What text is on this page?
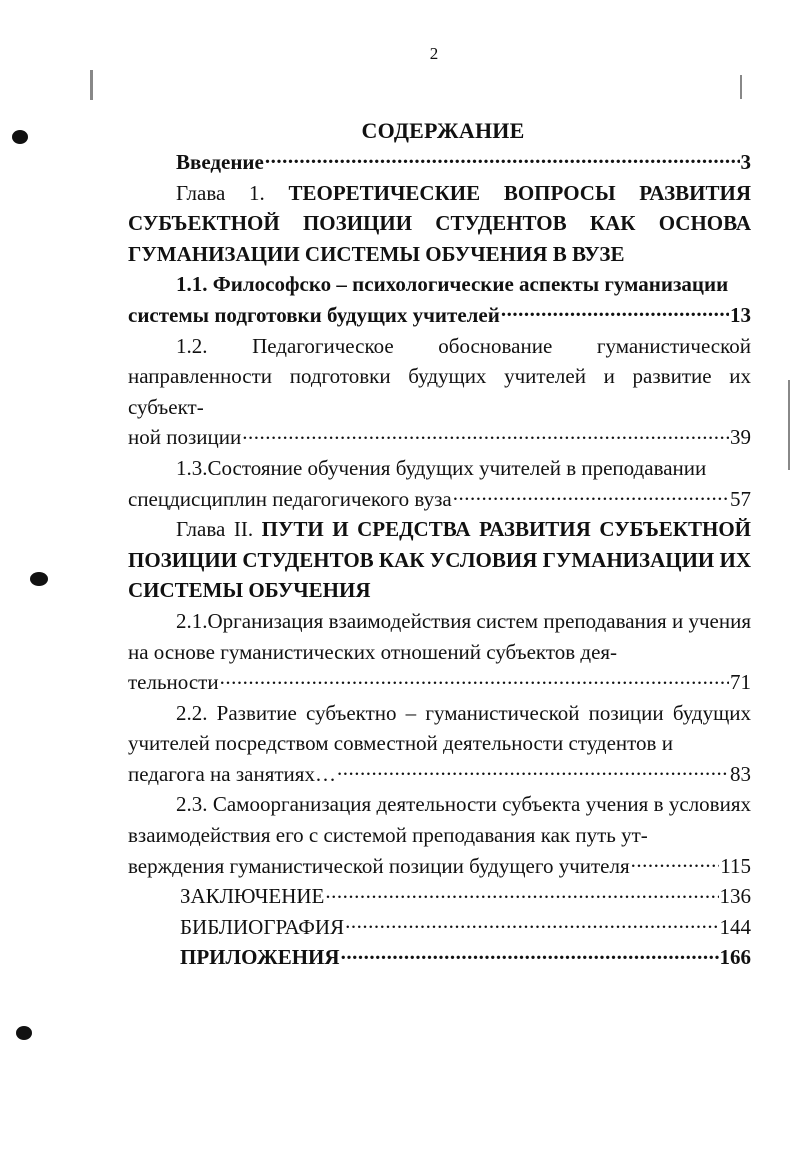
2
СОДЕРЖАНИЕ
Введение .....	3
Глава 1. ТЕОРЕТИЧЕСКИЕ ВОПРОСЫ РАЗВИТИЯ СУБЪЕКТНОЙ ПОЗИЦИИ СТУДЕНТОВ КАК ОСНОВА ГУМАНИЗАЦИИ СИСТЕМЫ ОБУЧЕНИЯ В ВУЗЕ
1.1. Философско – психологические аспекты гуманизации
системы подготовки будущих учителей .....	13
1.2. Педагогическое обоснование гуманистической направленности подготовки будущих учителей и развитие их субъект-
ной позиции .....	39
1.3.Состояние обучения будущих учителей в преподавании
спецдисциплин педагогичекого вуза .....	57
Глава II. ПУТИ И СРЕДСТВА РАЗВИТИЯ СУБЪЕКТНОЙ ПОЗИЦИИ СТУДЕНТОВ КАК УСЛОВИЯ ГУМАНИЗАЦИИ ИХ СИСТЕМЫ ОБУЧЕНИЯ
2.1.Организация взаимодействия систем преподавания и учения на основе гуманистических отношений субъектов дея-
тельности .....	71
2.2. Развитие субъектно – гуманистической позиции будущих учителей посредством совместной деятельности студентов и
педагога на занятиях… .....	83
2.3. Самоорганизация деятельности субъекта учения в условиях взаимодействия его с системой преподавания как путь ут-
верждения гуманистической позиции будущего учителя .....	115
ЗАКЛЮЧЕНИЕ .....	136
БИБЛИОГРАФИЯ .....	144
ПРИЛОЖЕНИЯ .....	166
